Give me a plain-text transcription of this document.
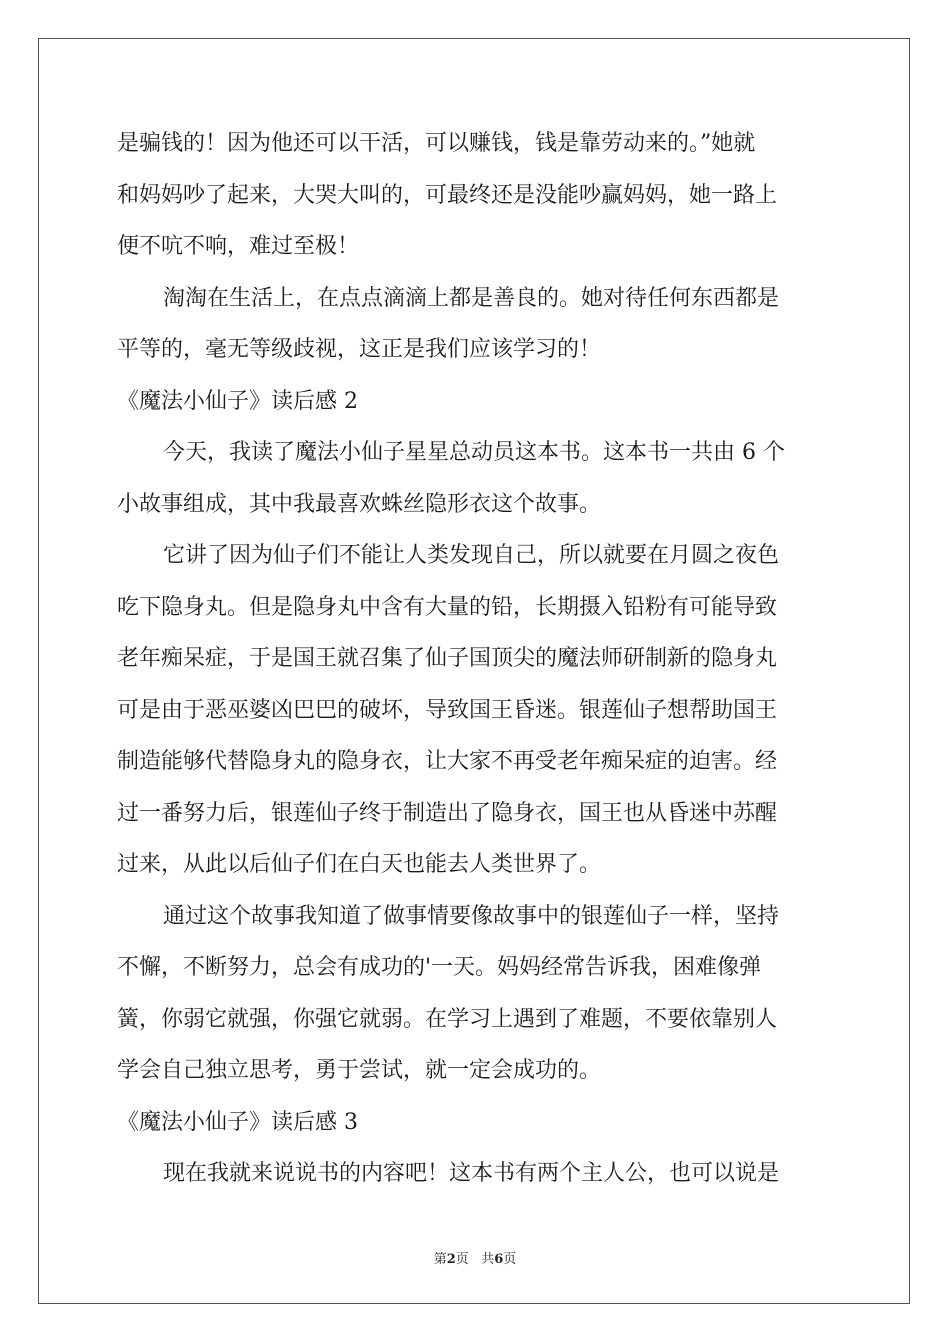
是骗钱的！因为他还可以干活，可以赚钱，钱是靠劳动来的。”她就
和妈妈吵了起来，大哭大叫的，可最终还是没能吵赢妈妈，她一路上
便不吭不响，难过至极！
淘淘在生活上，在点点滴滴上都是善良的。她对待任何东西都是
平等的，毫无等级歧视，这正是我们应该学习的！
《魔法小仙子》读后感 2
今天，我读了魔法小仙子星星总动员这本书。这本书一共由 6 个
小故事组成，其中我最喜欢蛛丝隐形衣这个故事。
它讲了因为仙子们不能让人类发现自己，所以就要在月圆之夜色
吃下隐身丸。但是隐身丸中含有大量的铅，长期摄入铅粉有可能导致
老年痴呆症，于是国王就召集了仙子国顶尖的魔法师研制新的隐身丸
可是由于恶巫婆凶巴巴的破坏，导致国王昏迷。银莲仙子想帮助国王
制造能够代替隐身丸的隐身衣，让大家不再受老年痴呆症的迫害。经
过一番努力后，银莲仙子终于制造出了隐身衣，国王也从昏迷中苏醒
过来，从此以后仙子们在白天也能去人类世界了。
通过这个故事我知道了做事情要像故事中的银莲仙子一样，坚持
不懈，不断努力，总会有成功的'一天。妈妈经常告诉我，困难像弹
簧，你弱它就强，你强它就弱。在学习上遇到了难题，不要依靠别人
学会自己独立思考，勇于尝试，就一定会成功的。
《魔法小仙子》读后感 3
现在我就来说说书的内容吧！这本书有两个主人公，也可以说是
第2页 共6页
